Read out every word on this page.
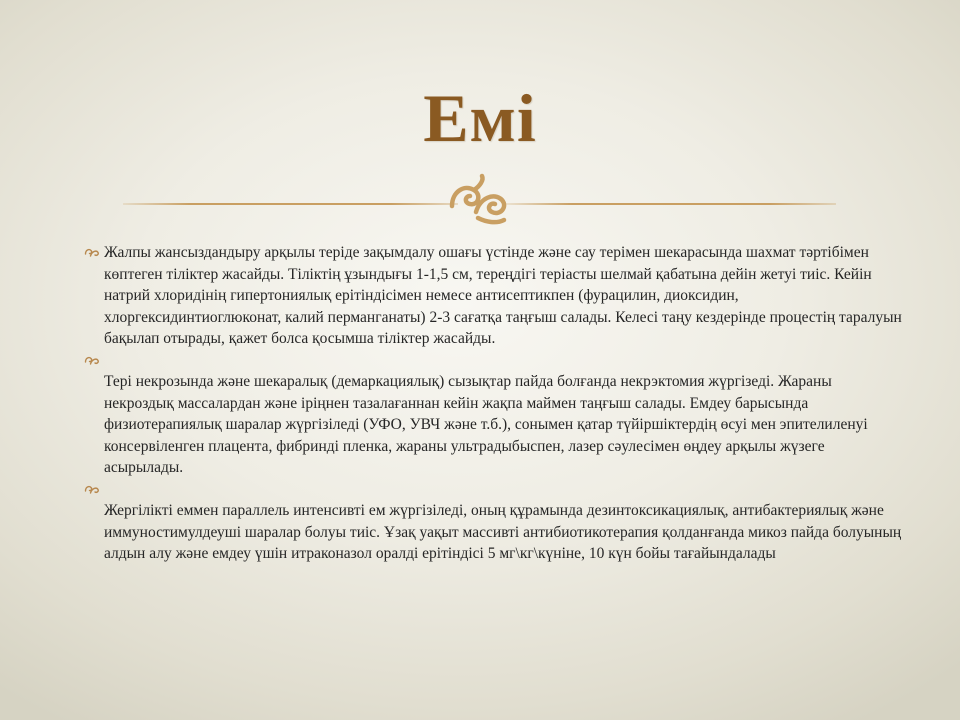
Емі
Жалпы жансыздандыру арқылы теріде зақымдалу ошағы үстінде және сау терімен шекарасында шахмат тәртібімен көптеген тіліктер жасайды. Тіліктің ұзындығы 1-1,5 см, тереңдігі теріасты шелмай қабатына дейін жетуі тиіс. Кейін натрий хлоридінің гипертониялық ерітіндісімен немесе антисептикпен (фурацилин, диоксидин, хлоргексидинтиоглюконат, калий перманганаты) 2-3 сағатқа таңғыш салады. Келесі таңу кездерінде процестің таралуын бақылап отырады, қажет болса қосымша тіліктер жасайды.
Тері некрозында және шекаралық (демаркациялық) сызықтар пайда болғанда некрэктомия жүргізеді. Жараны некроздық массалардан және іріңнен тазалағаннан кейін жақпа маймен таңғыш салады. Емдеу барысында физиотерапиялық шаралар жүргізіледі (УФО, УВЧ және т.б.), сонымен қатар түйіршіктердің өсуі мен эпителиленуі консервіленген плацента, фибринді пленка, жараны ультрадыбыспен, лазер сәулесімен өңдеу арқылы жүзеге асырылады.
Жергілікті еммен параллель интенсивті ем жүргізіледі, оның құрамында дезинтоксикациялық, антибактериялық және иммуностимулдеуші шаралар болуы тиіс. Ұзақ уақыт массивті антибиотикотерапия қолданғанда микоз пайда болуының алдын алу және емдеу үшін итраконазол оралді ерітіндісі 5 мг\кг\күніне, 10 күн бойы тағайындалады
